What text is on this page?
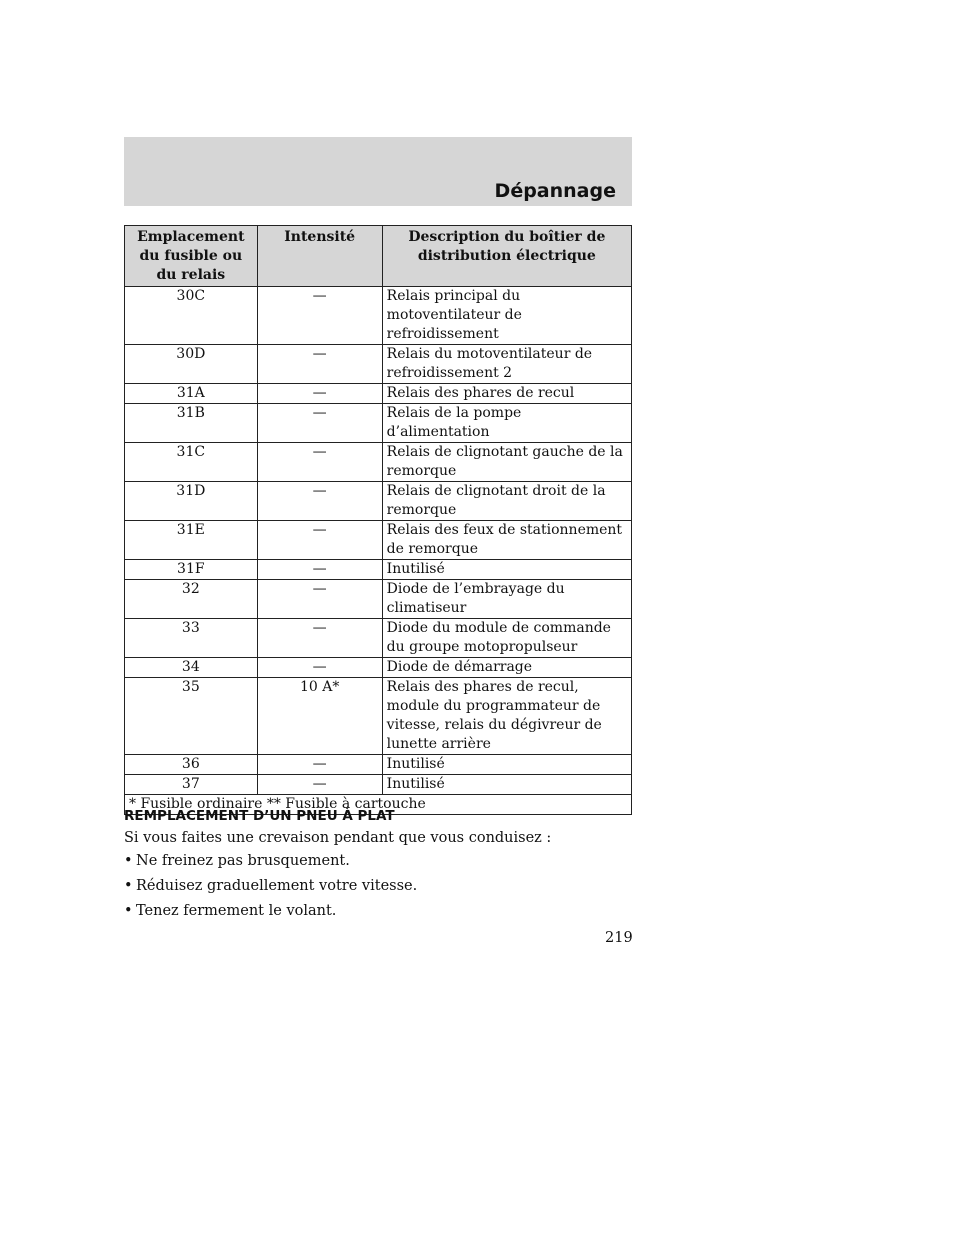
Dépannage
Emplacement
du fusible ou
du relais	Intensité	Description du boîtier de
distribution électrique
30C	—	Relais principal du
motoventilateur de
refroidissement
30D	—	Relais du motoventilateur de
refroidissement 2
31A	—	Relais des phares de recul
31B	—	Relais de la pompe d’alimentation
31C	—	Relais de clignotant gauche de la
remorque
31D	—	Relais de clignotant droit de la
remorque
31E	—	Relais des feux de stationnement
de remorque
31F	—	Inutilisé
32	—	Diode de l’embrayage du
climatiseur
33	—	Diode du module de commande
du groupe motopropulseur
34	—	Diode de démarrage
35	10 A*	Relais des phares de recul,
module du programmateur de
vitesse, relais du dégivreur de
lunette arrière
36	—	Inutilisé
37	—	Inutilisé
* Fusible ordinaire ** Fusible à cartouche		
REMPLACEMENT D’UN PNEU À PLAT
Si vous faites une crevaison pendant que vous conduisez :
• Ne freinez pas brusquement.
• Réduisez graduellement votre vitesse.
• Tenez fermement le volant.
219
